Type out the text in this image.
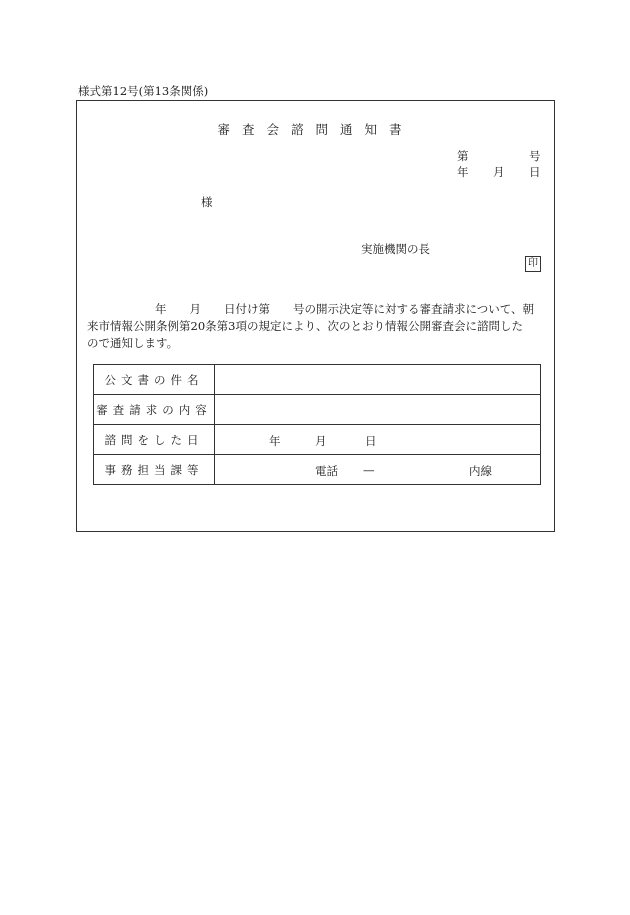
様式第12号(第13条関係)
審査会諮問通知書
第	号
年 月 日
様
実施機関の長
印
年　　月　　日付け第　　号の開示決定等に対する審査請求について、朝
来市情報公開条例第20条第3項の規定により、次のとおり情報公開審査会に諮問した
ので通知します。
公文書の件名	
審査請求の内容	
諮問をした日	年 月 日

事務担当課等	電話 — 内線
